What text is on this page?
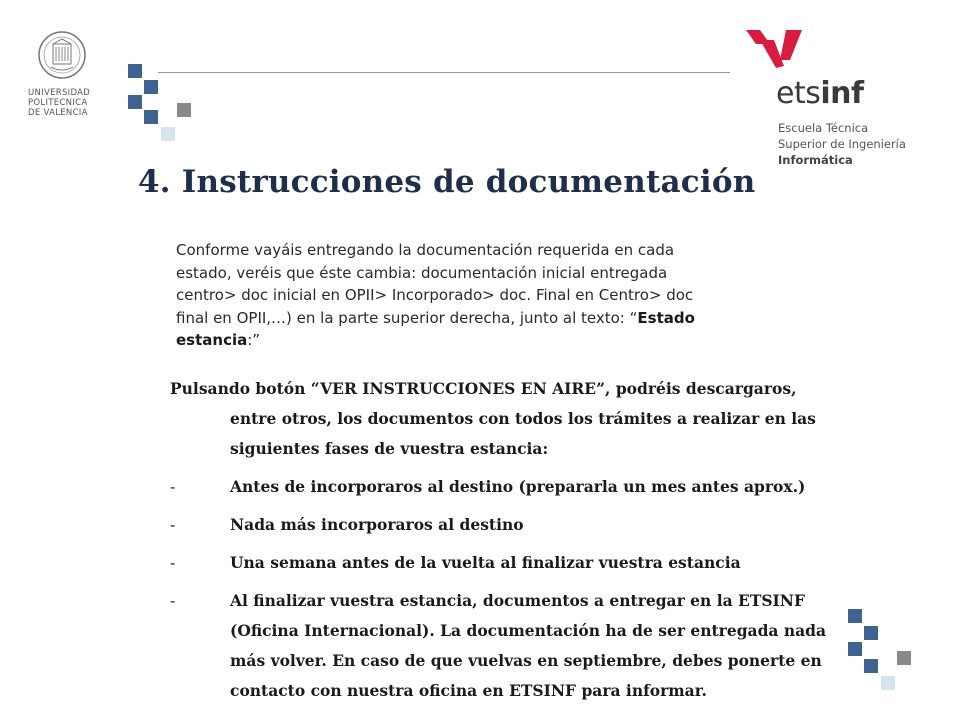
UNIVERSIDAD
POLITECNICA
DE VALENCIA
etsinf
Escuela Técnica
Superior de Ingeniería
Informática
4. Instrucciones de documentación

Conforme vayáis entregando la documentación requerida en cada estado, veréis que éste cambia: documentación inicial entregada centro> doc inicial en OPII> Incorporado> doc. Final en Centro> doc final en OPII,…) en la parte superior derecha, junto al texto: “Estado estancia:”

Pulsando botón “VER INSTRUCCIONES EN AIRE”, podréis descargaros, entre otros, los documentos con todos los trámites a realizar en las siguientes fases de vuestra estancia:

-	Antes de incorporaros al destino (prepararla un mes antes aprox.)
-	Nada más incorporaros al destino
-	Una semana antes de la vuelta al finalizar vuestra estancia
-	Al finalizar vuestra estancia, documentos a entregar en la ETSINF (Oficina Internacional). La documentación ha de ser entregada nada más volver. En caso de que vuelvas en septiembre, debes ponerte en contacto con nuestra oficina en ETSINF para informar.
